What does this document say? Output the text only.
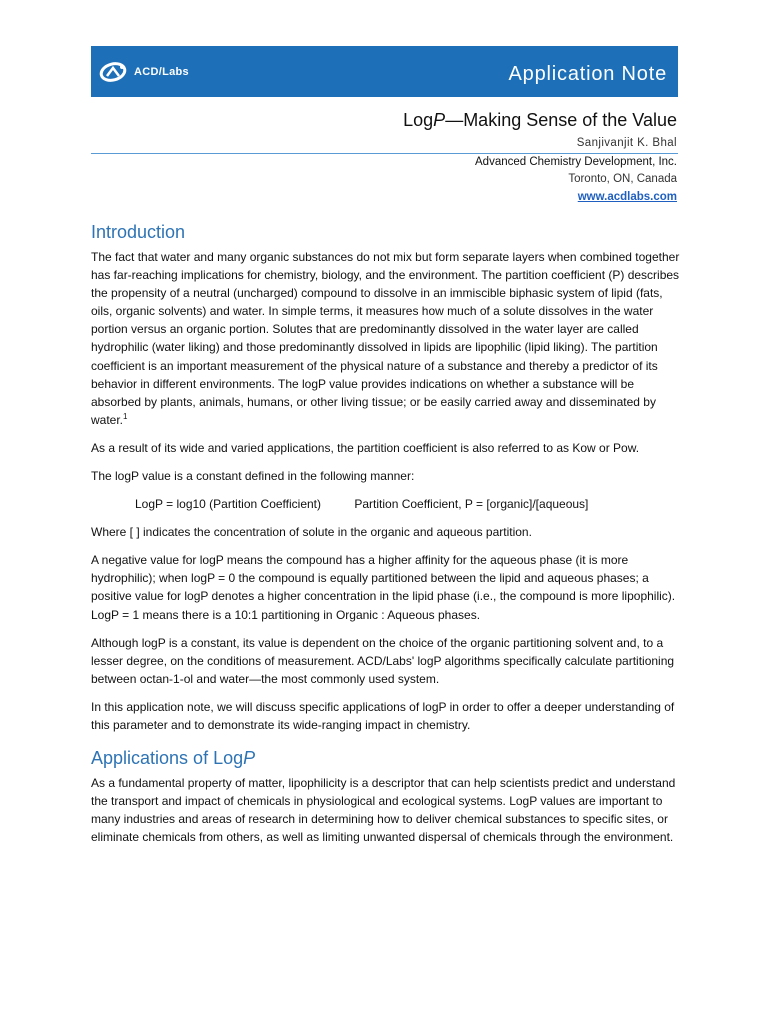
ACD/Labs	Application Note
LogP—Making Sense of the Value
Sanjivanjit K. Bhal
Advanced Chemistry Development, Inc.
Toronto, ON, Canada
www.acdlabs.com
Introduction

The fact that water and many organic substances do not mix but form separate layers when combined together has far-reaching implications for chemistry, biology, and the environment. The partition coefficient (P) describes the propensity of a neutral (uncharged) compound to dissolve in an immiscible biphasic system of lipid (fats, oils, organic solvents) and water. In simple terms, it measures how much of a solute dissolves in the water portion versus an organic portion. Solutes that are predominantly dissolved in the water layer are called hydrophilic (water liking) and those predominantly dissolved in lipids are lipophilic (lipid liking). The partition coefficient is an important measurement of the physical nature of a substance and thereby a predictor of its behavior in different environments. The logP value provides indications on whether a substance will be absorbed by plants, animals, humans, or other living tissue; or be easily carried away and disseminated by water.$^1$

As a result of its wide and varied applications, the partition coefficient is also referred to as Kow or Pow.

The logP value is a constant defined in the following manner:

LogP = log10 (Partition Coefficient)	Partition Coefficient, P = [organic]/[aqueous]

Where [ ] indicates the concentration of solute in the organic and aqueous partition.

A negative value for logP means the compound has a higher affinity for the aqueous phase (it is more hydrophilic); when logP = 0 the compound is equally partitioned between the lipid and aqueous phases; a positive value for logP denotes a higher concentration in the lipid phase (i.e., the compound is more lipophilic). LogP = 1 means there is a 10:1 partitioning in Organic : Aqueous phases.

Although logP is a constant, its value is dependent on the choice of the organic partitioning solvent and, to a lesser degree, on the conditions of measurement. ACD/Labs' logP algorithms specifically calculate partitioning between octan-1-ol and water—the most commonly used system.

In this application note, we will discuss specific applications of logP in order to offer a deeper understanding of this parameter and to demonstrate its wide-ranging impact in chemistry.

Applications of LogP

As a fundamental property of matter, lipophilicity is a descriptor that can help scientists predict and understand the transport and impact of chemicals in physiological and ecological systems. LogP values are important to many industries and areas of research in determining how to deliver chemical substances to specific sites, or eliminate chemicals from others, as well as limiting unwanted dispersal of chemicals through the environment.
